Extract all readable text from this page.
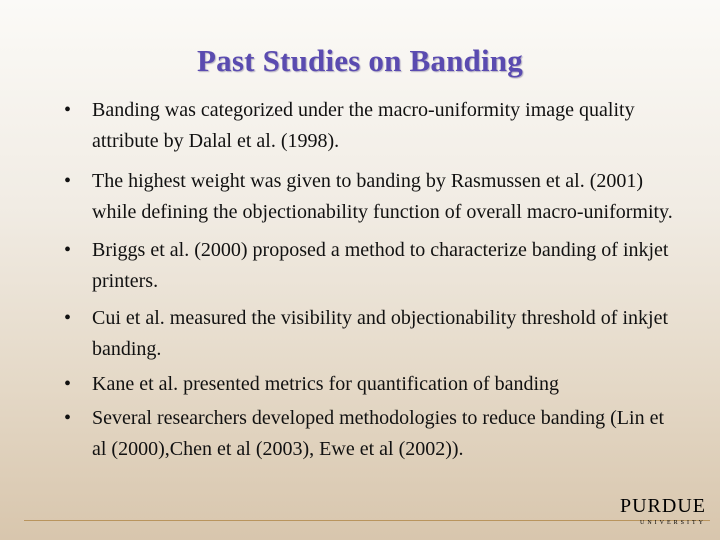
Past Studies on Banding
• Banding was categorized under the macro-uniformity image quality attribute by Dalal et al. (1998).
• The highest weight was given to banding by Rasmussen et al. (2001) while defining the objectionability function of overall macro-uniformity.
• Briggs et al. (2000) proposed a method to characterize banding of inkjet printers.
• Cui et al. measured the visibility and objectionability threshold of inkjet banding.
• Kane et al. presented metrics for quantification of banding
• Several researchers developed methodologies to reduce banding (Lin et al (2000),Chen et al (2003), Ewe et al (2002)).
PURDUE
UNIVERSITY
